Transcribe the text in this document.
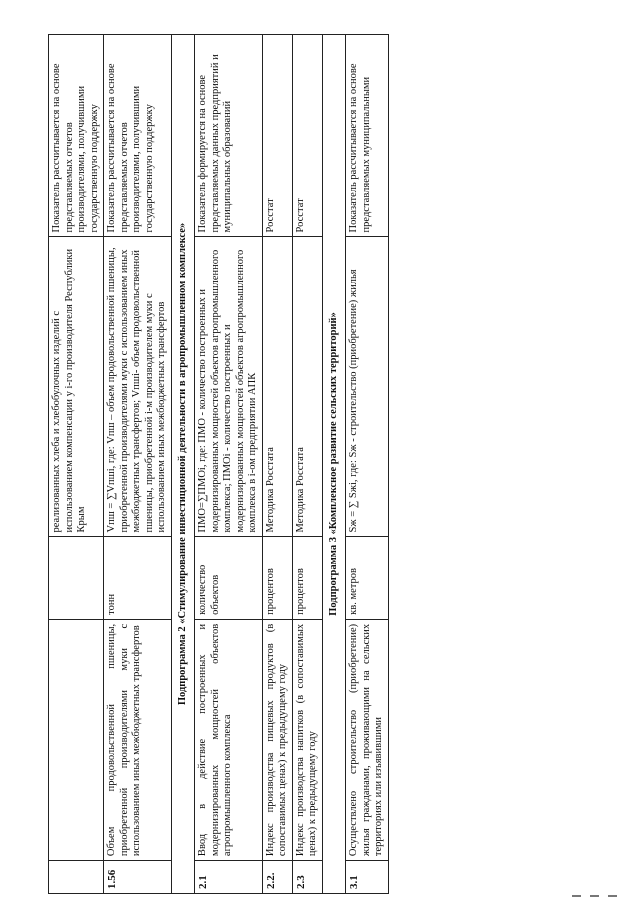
			реализованных хлеба и хлебобулочных изделий с использованием компенсации у i-го производителя Республики Крым	Показатель рассчитывается на основе представляемых отчетов производителями, получившими государственную поддержку
1.56	Объем продовольственной пшеницы, приобретенной производителями муки с использованием иных межбюджетных трансфертов	тонн	Vпш = ∑Vпшi, где: Vпш – объем продовольственной пшеницы, приобретенной производителями муки с использованием иных межбюджетных трансфертов; Vпшi- объем продовольственной пшеницы, приобретенной i-м производителем муки с использованием иных межбюджетных трансфертов	Показатель рассчитывается на основе представляемых отчетов производителями, получившими государственную поддержку
Подпрограмма 2 «Стимулирование инвестиционной деятельности в агропромышленном комплексе»				
2.1	Ввод в действие построенных и модернизированных мощностей объектов агропромышленного комплекса	количество объектов	ПМО=∑ПМОi, где: ПМО - количество построенных и модернизированных мощностей объектов агропромышленного комплекса; ПМОi - количество построенных и модернизированных мощностей объектов агропромышленного комплекса в i-ом предприятии АПК	Показатель формируется на основе представляемых данных предприятий и муниципальных образований
2.2.	Индекс производства пищевых продуктов (в сопоставимых ценах) к предыдущему году	процентов	Методика Росстата	Росстат
2.3	Индекс производства напитков (в сопоставимых ценах) к предыдущему году	процентов	Методика Росстата	Росстат
Подпрограмма 3 «Комплексное развитие сельских территорий»				
3.1	Осуществлено строительство (приобретение) жилья гражданами, проживающими на сельских территориях или изъявившими	кв. метров	Sж = ∑ Sжi, где: Sж - строительство (приобретение) жилья	Показатель рассчитывается на основе представляемых муниципальными
